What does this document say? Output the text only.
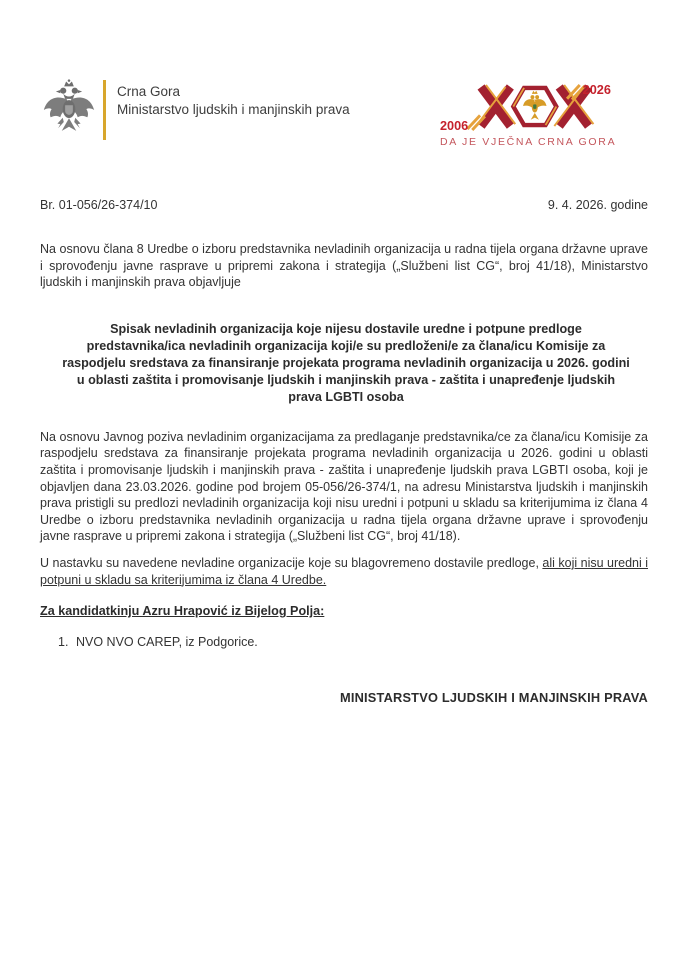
Crna Gora
Ministarstvo ljudskih i manjinskih prava
2006
2026
DA JE VJEČNA CRNA GORA
Br. 01-056/26-374/10	9. 4. 2026. godine

Na osnovu člana 8 Uredbe o izboru predstavnika nevladinih organizacija u radna tijela organa državne uprave i sprovođenju javne rasprave u pripremi zakona i strategija („Službeni list CG“, broj 41/18), Ministarstvo ljudskih i manjinskih prava objavljuje

Spisak nevladinih organizacija koje nijesu dostavile uredne i potpune predloge predstavnika/ica nevladinih organizacija koji/e su predloženi/e za člana/icu Komisije za raspodjelu sredstava za finansiranje projekata programa nevladinih organizacija u 2026. godini u oblasti zaštita i promovisanje ljudskih i manjinskih prava - zaštita i unapređenje ljudskih prava LGBTI osoba

Na osnovu Javnog poziva nevladinim organizacijama za predlaganje predstavnika/ce za člana/icu Komisije za raspodjelu sredstava za finansiranje projekata programa nevladinih organizacija u 2026. godini u oblasti zaštita i promovisanje ljudskih i manjinskih prava - zaštita i unapređenje ljudskih prava LGBTI osoba, koji je objavljen dana 23.03.2026. godine pod brojem 05-056/26-374/1, na adresu Ministarstva ljudskih i manjinskih prava pristigli su predlozi nevladinih organizacija koji nisu uredni i potpuni u skladu sa kriterijumima iz člana 4 Uredbe o izboru predstavnika nevladinih organizacija u radna tijela organa državne uprave i sprovođenju javne rasprave u pripremi zakona i strategija („Službeni list CG“, broj 41/18).

U nastavku su navedene nevladine organizacije koje su blagovremeno dostavile predloge, ali koji nisu uredni i potpuni u skladu sa kriterijumima iz člana 4 Uredbe.

Za kandidatkinju Azru Hrapović iz Bijelog Polja:

1. NVO NVO CAREP, iz Podgorice.

MINISTARSTVO LJUDSKIH I MANJINSKIH PRAVA
